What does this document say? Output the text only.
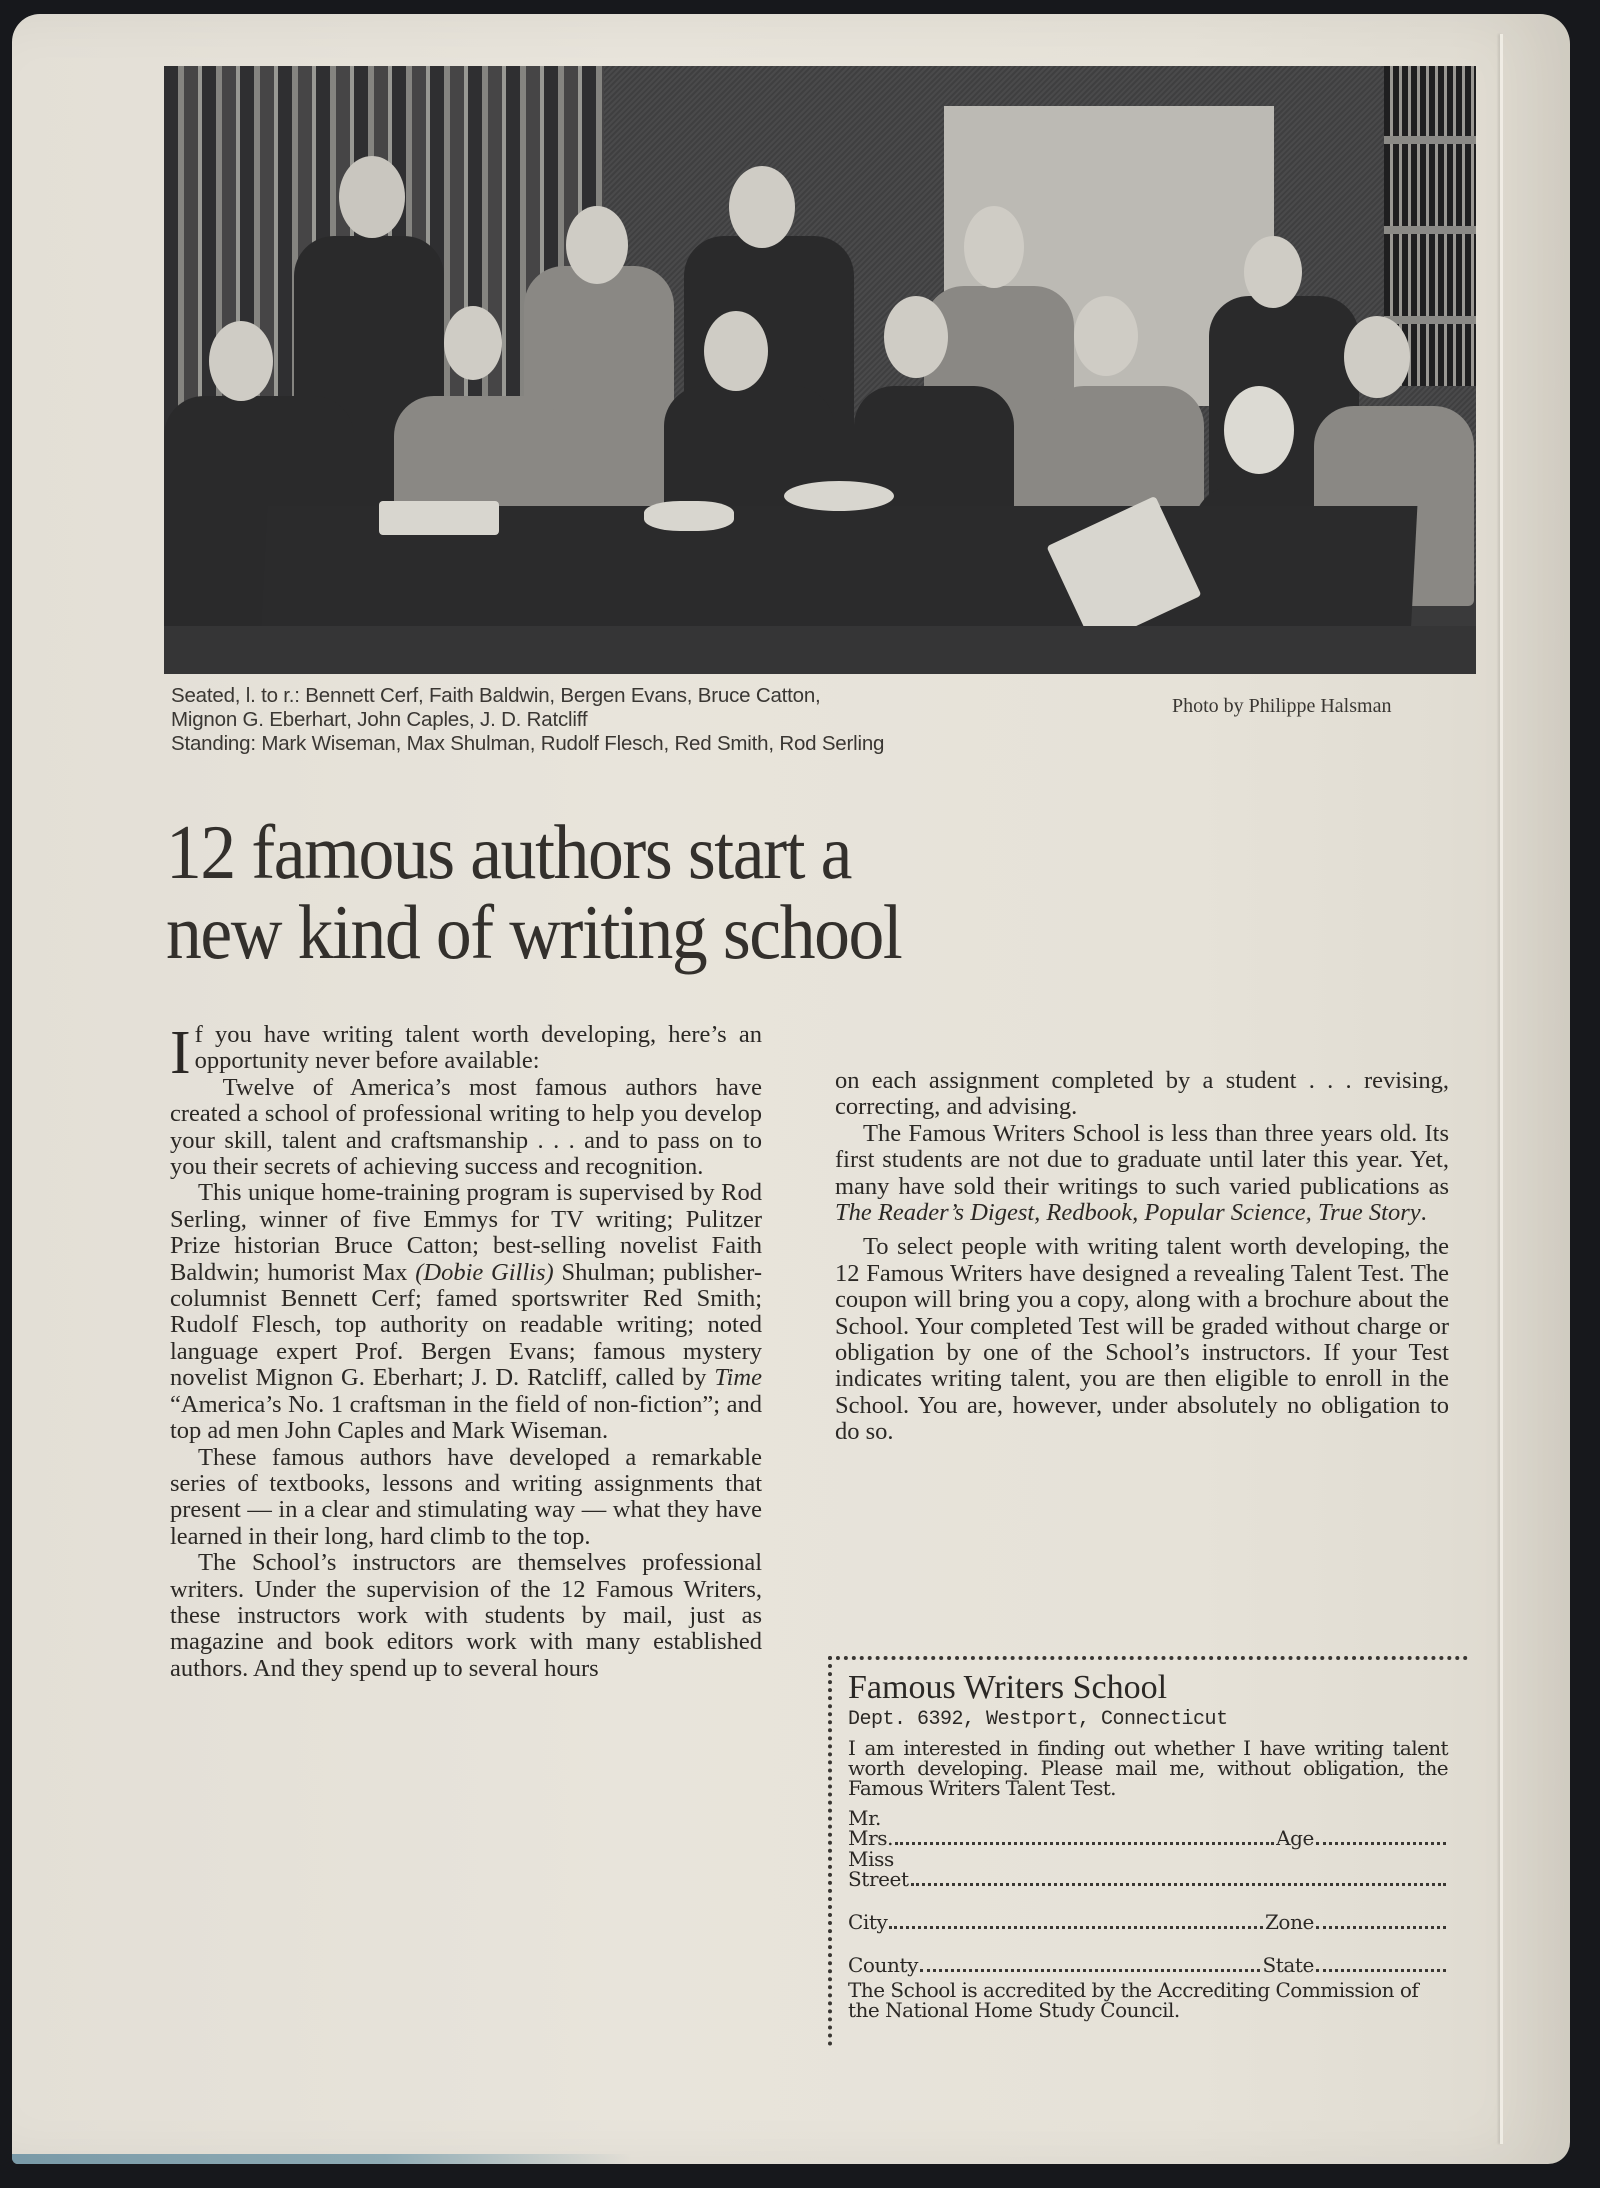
Seated, l. to r.: Bennett Cerf, Faith Baldwin, Bergen Evans, Bruce Catton,
Mignon G. Eberhart, John Caples, J. D. Ratcliff
Standing: Mark Wiseman, Max Shulman, Rudolf Flesch, Red Smith, Rod Serling
Photo by Philippe Halsman
12 famous authors start a
new kind of writing school

If you have writing talent worth developing, here’s an opportunity never before available:

Twelve of America’s most famous authors have created a school of professional writing to help you develop your skill, talent and craftsmanship . . . and to pass on to you their secrets of achieving success and recognition.

This unique home-training program is supervised by Rod Serling, winner of five Emmys for TV writing; Pulitzer Prize historian Bruce Catton; best-selling novelist Faith Baldwin; humorist Max (Dobie Gillis) Shulman; publisher-columnist Bennett Cerf; famed sportswriter Red Smith; Rudolf Flesch, top authority on readable writing; noted language expert Prof. Bergen Evans; famous mystery novelist Mignon G. Eberhart; J. D. Ratcliff, called by Time “America’s No. 1 craftsman in the field of non-fiction”; and top ad men John Caples and Mark Wiseman.

These famous authors have developed a remarkable series of textbooks, lessons and writing assignments that present — in a clear and stimulating way — what they have learned in their long, hard climb to the top.

The School’s instructors are themselves professional writers. Under the supervision of the 12 Famous Writers, these instructors work with students by mail, just as magazine and book editors work with many established authors. And they spend up to several hours

on each assignment completed by a student . . . revising, correcting, and advising.

The Famous Writers School is less than three years old. Its first students are not due to graduate until later this year. Yet, many have sold their writings to such varied publications as The Reader’s Digest, Redbook, Popular Science, True Story.

To select people with writing talent worth developing, the 12 Famous Writers have designed a revealing Talent Test. The coupon will bring you a copy, along with a brochure about the School. Your completed Test will be graded without charge or obligation by one of the School’s instructors. If your Test indicates writing talent, you are then eligible to enroll in the School. You are, however, under absolutely no obligation to do so.

Famous Writers School
Dept. 6392, Westport, Connecticut
I am interested in finding out whether I have writing talent worth developing. Please mail me, without obligation, the Famous Writers Talent Test.
Mr.
Mrs.	Age
Miss
Street
City	Zone
County	State
The School is accredited by the Accrediting Commission of the National Home Study Council.
